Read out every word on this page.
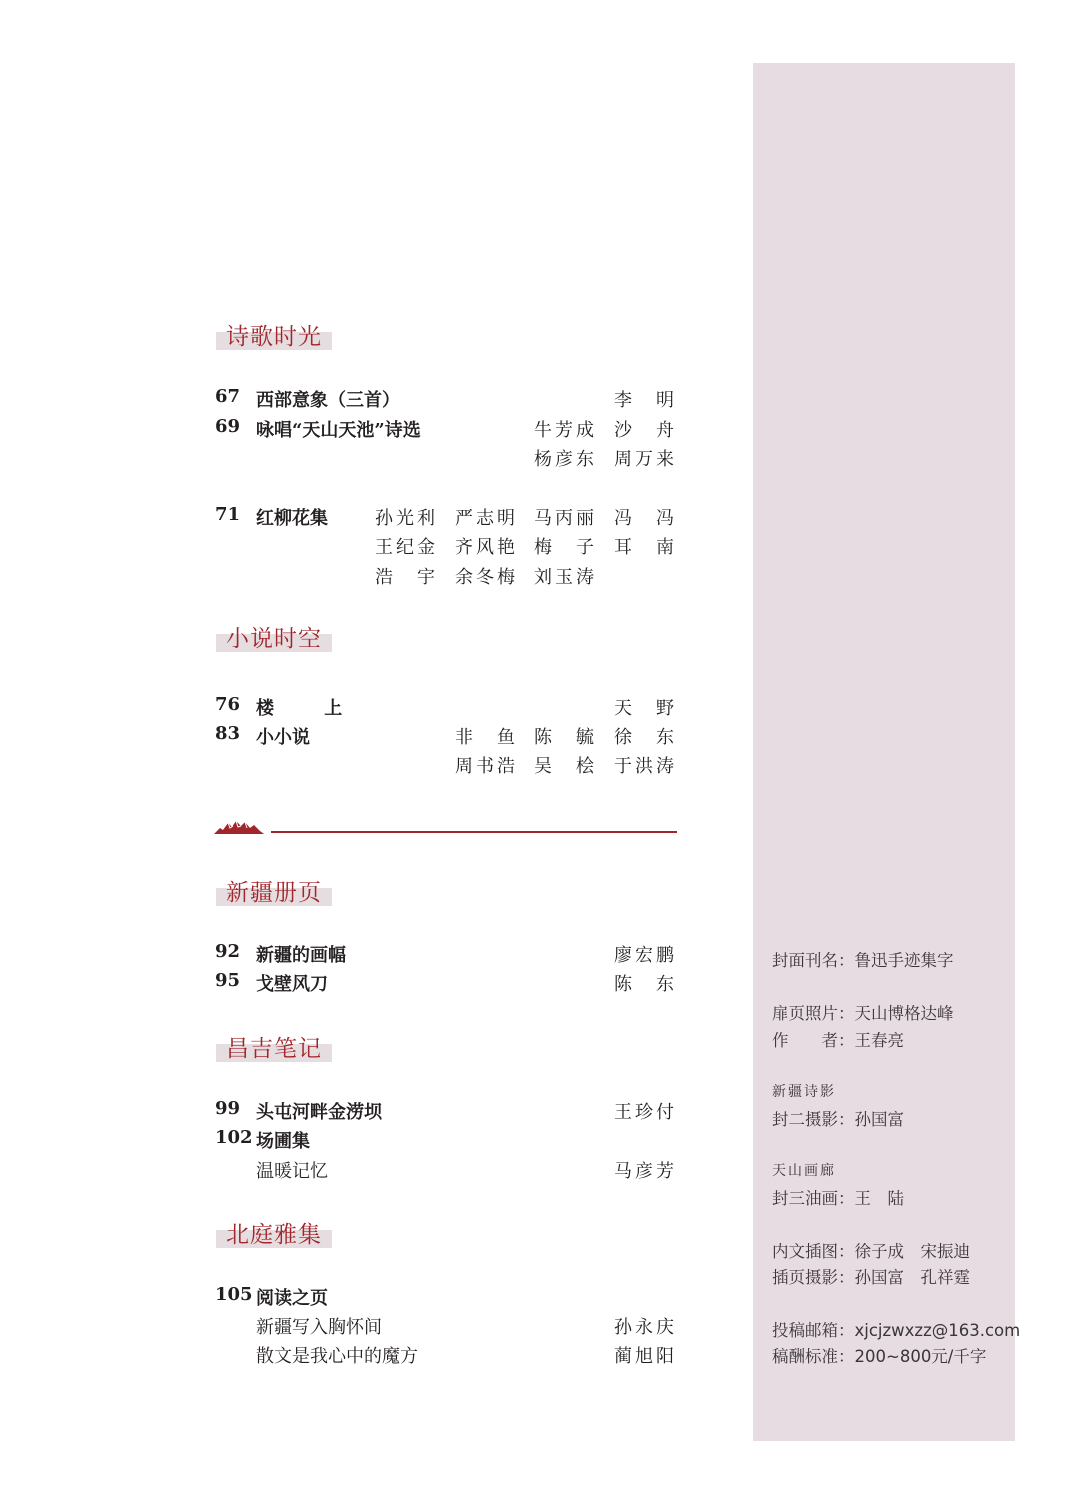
封面刊名：鲁迅手迹集字
扉页照片：天山博格达峰
作　　者：王春亮
新疆诗影
封二摄影：孙国富
天山画廊
封三油画：王　陆
内文插图：徐子成　宋振迪
插页摄影：孙国富　孔祥霆
投稿邮箱：xjcjzwxzz@163.com
稿酬标准：200~800元/千字
诗歌时光
67 西部意象（三首）	李明
69 咏唱“天山天池”诗选	牛芳成 沙舟
杨彦东 周万来
71 红柳花集	孙光利 严志明 马丙丽 冯冯
王纪金 齐风艳 梅子 耳南
浩宇 余冬梅 刘玉涛
小说时空
76 楼 上	天野
83 小小说	非鱼 陈毓 徐东
周书浩 吴桧 于洪涛
新疆册页
92 新疆的画幅	廖宏鹏
95 戈壁风刀	陈东
昌吉笔记
99 头屯河畔金涝坝	王珍付
102 场圃集
温暖记忆	马彦芳
北庭雅集
105 阅读之页
新疆写入胸怀间	孙永庆
散文是我心中的魔方	蔺旭阳
